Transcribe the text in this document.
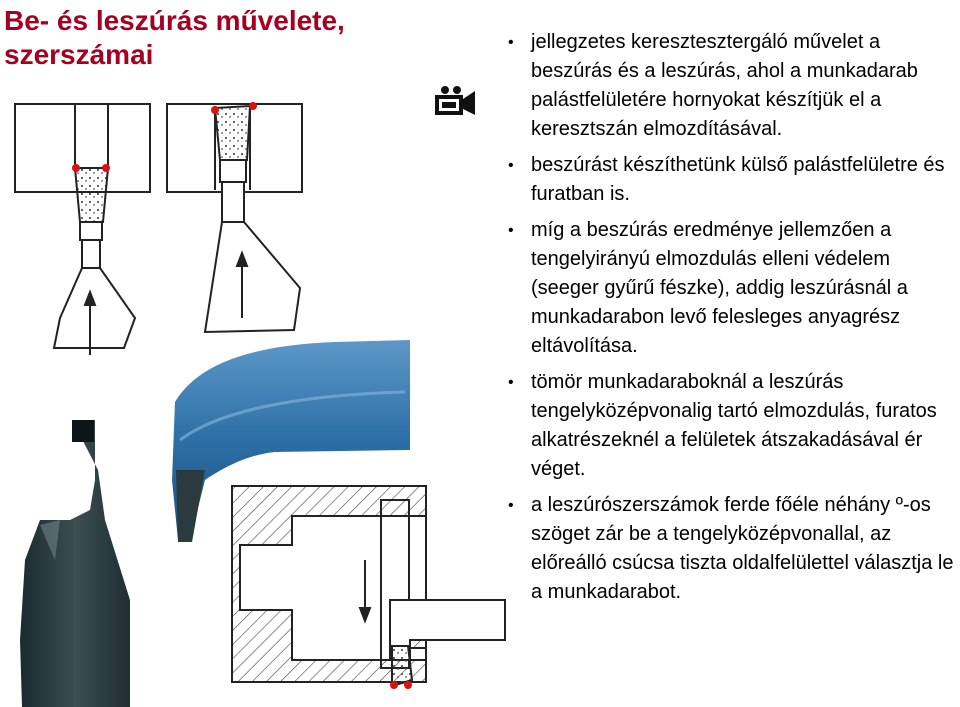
Be- és leszúrás művelete,
szerszámai	• jellegzetes keresztesztergáló művelet a beszúrás és a leszúrás, ahol a munkadarab palástfelületére hornyokat készítjük el a keresztszán elmozdításával.
• beszúrást készíthetünk külső palástfelületre és furatban is.
• míg a beszúrás eredménye jellemzően a tengelyirányú elmozdulás elleni védelem (seeger gyűrű fészke), addig leszúrásnál a munkadarabon levő felesleges anyagrész eltávolítása.
• tömör munkadaraboknál a leszúrás tengelyközépvonalig tartó elmozdulás, furatos alkatrészeknél a felületek átszakadásával ér véget.
• a leszúrószerszámok ferde főéle néhány º-os szöget zár be a tengelyközépvonallal, az előreálló csúcsa tiszta oldalfelülettel választja le a munkadarabot.
